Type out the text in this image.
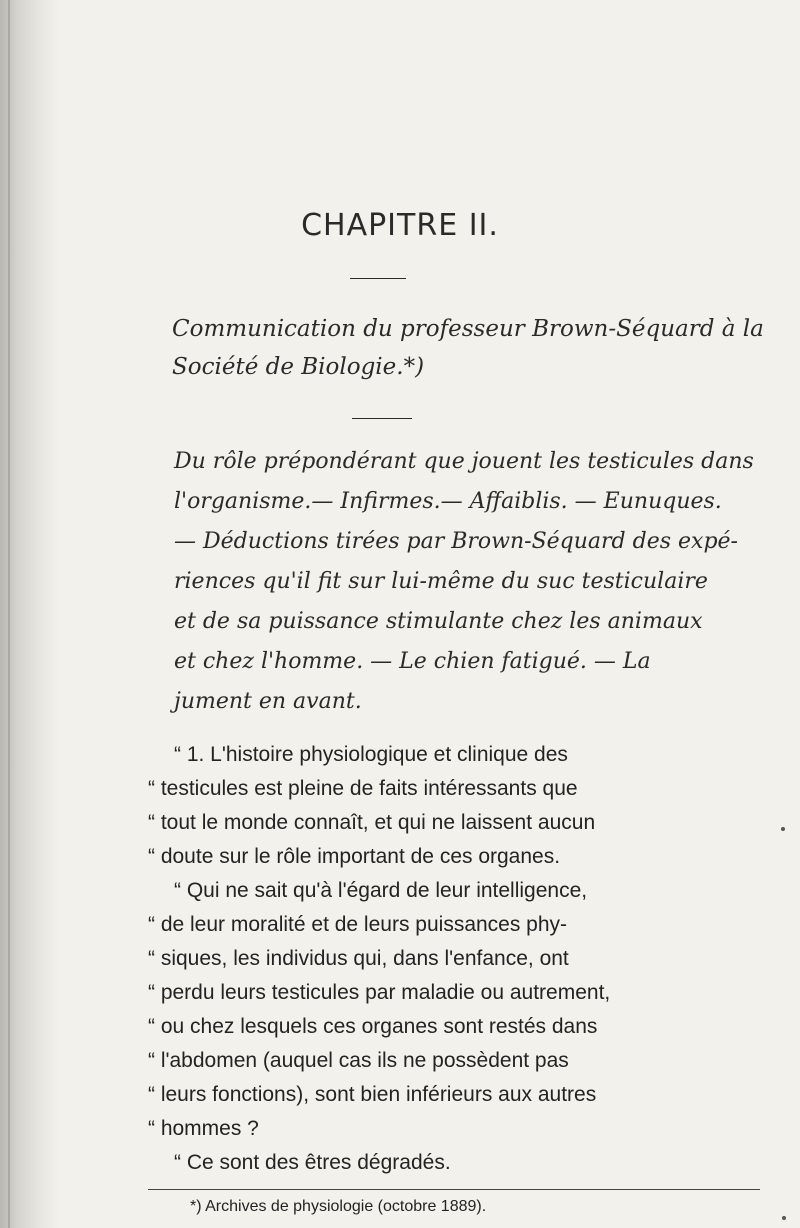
CHAPITRE II.
Communication du professeur Brown-Séquard à la
Société de Biologie.*)
Du rôle prépondérant que jouent les testicules dans
l'organisme.— Infirmes.— Affaiblis. — Eunuques.
— Déductions tirées par Brown-Séquard des expé-
riences qu'il fit sur lui-même du suc testiculaire
et de sa puissance stimulante chez les animaux
et chez l'homme. — Le chien fatigué. — La
jument en avant.
“ 1. L'histoire physiologique et clinique des
“ testicules est pleine de faits intéressants que
“ tout le monde connaît, et qui ne laissent aucun
“ doute sur le rôle important de ces organes.
“ Qui ne sait qu'à l'égard de leur intelligence,
“ de leur moralité et de leurs puissances phy-
“ siques, les individus qui, dans l'enfance, ont
“ perdu leurs testicules par maladie ou autrement,
“ ou chez lesquels ces organes sont restés dans
“ l'abdomen (auquel cas ils ne possèdent pas
“ leurs fonctions), sont bien inférieurs aux autres
“ hommes ?
“ Ce sont des êtres dégradés.
*) Archives de physiologie (octobre 1889).
